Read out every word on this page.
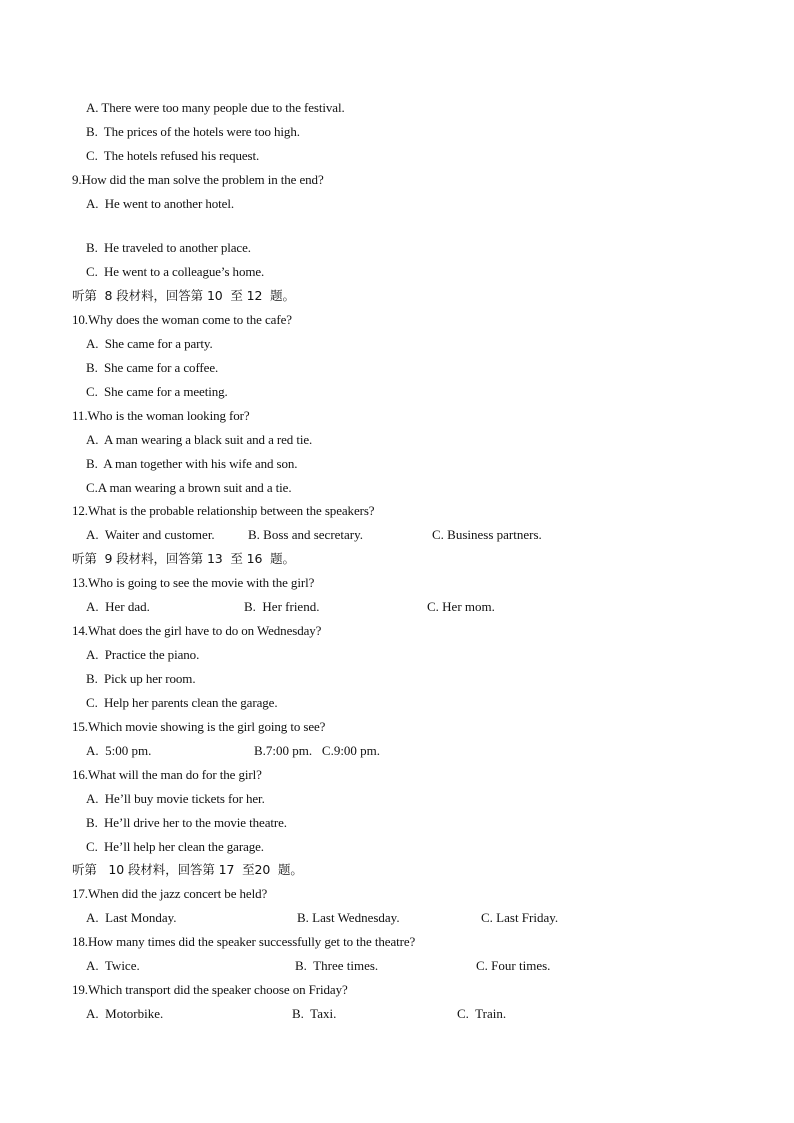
A. There were too many people due to the festival.
B.  The prices of the hotels were too high.
C.  The hotels refused his request.
9.How did the man solve the problem in the end?
A.  He went to another hotel.
B.  He traveled to another place.
C.  He went to a colleague’s home.
听第  8 段材料，回答第 10  至 12  题。
10.Why does the woman come to the cafe?
A.  She came for a party.
B.  She came for a coffee.
C.  She came for a meeting.
11.Who is the woman looking for?
A.  A man wearing a black suit and a red tie.
B.  A man together with his wife and son.
C.A man wearing a brown suit and a tie.
12.What is the probable relationship between the speakers?
A.  Waiter and customer.	B. Boss and secretary.	C. Business partners.
听第  9 段材料，回答第 13  至 16  题。
13.Who is going to see the movie with the girl?
A.  Her dad.	B.  Her friend.	C. Her mom.
14.What does the girl have to do on Wednesday?
A.  Practice the piano.
B.  Pick up her room.
C.  Help her parents clean the garage.
15.Which movie showing is the girl going to see?
A.  5:00 pm.	B.7:00 pm.   C.9:00 pm.
16.What will the man do for the girl?
A.  He’ll buy movie tickets for her.
B.  He’ll drive her to the movie theatre.
C.  He’ll help her clean the garage.
听第   10 段材料，回答第 17  至20  题。
17.When did the jazz concert be held?
A.  Last Monday.	B. Last Wednesday.	C. Last Friday.
18.How many times did the speaker successfully get to the theatre?
A.  Twice.	B.  Three times.	C. Four times.
19.Which transport did the speaker choose on Friday?
A.  Motorbike.	B.  Taxi.	C.  Train.
